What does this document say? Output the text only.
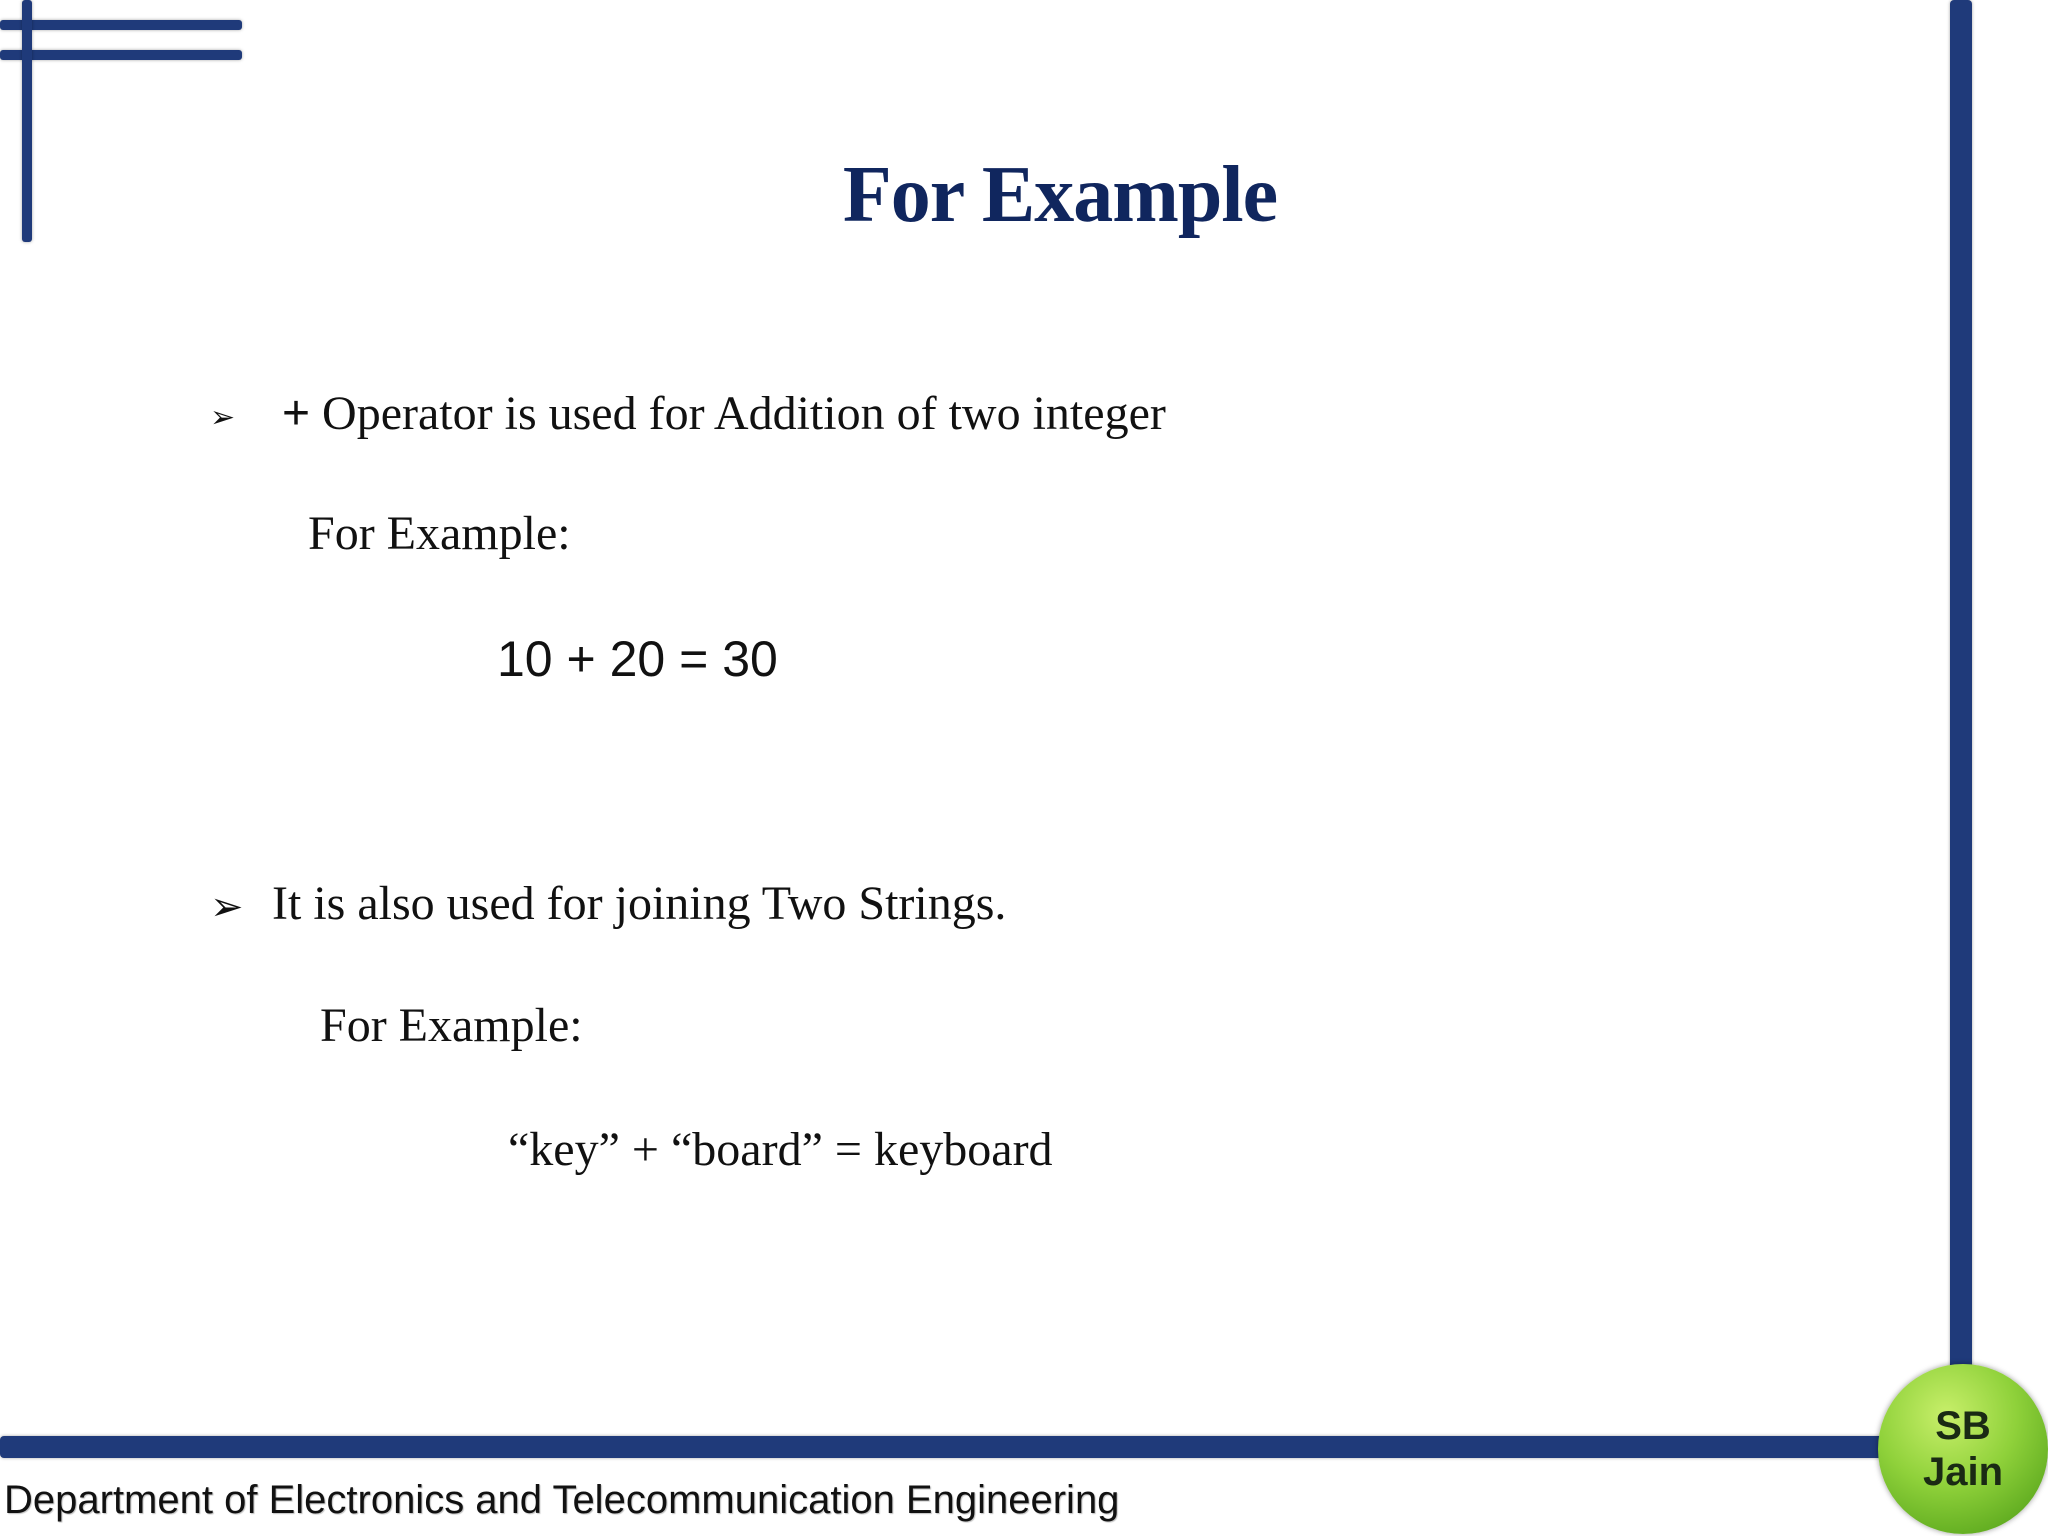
For Example
➢ + Operator is used for Addition of two integer
For Example:
10 + 20 = 30
➢ It is also used for joining Two Strings.
For Example:
“key” + “board” = keyboard
Department of Electronics and Telecommunication Engineering
SB
Jain
